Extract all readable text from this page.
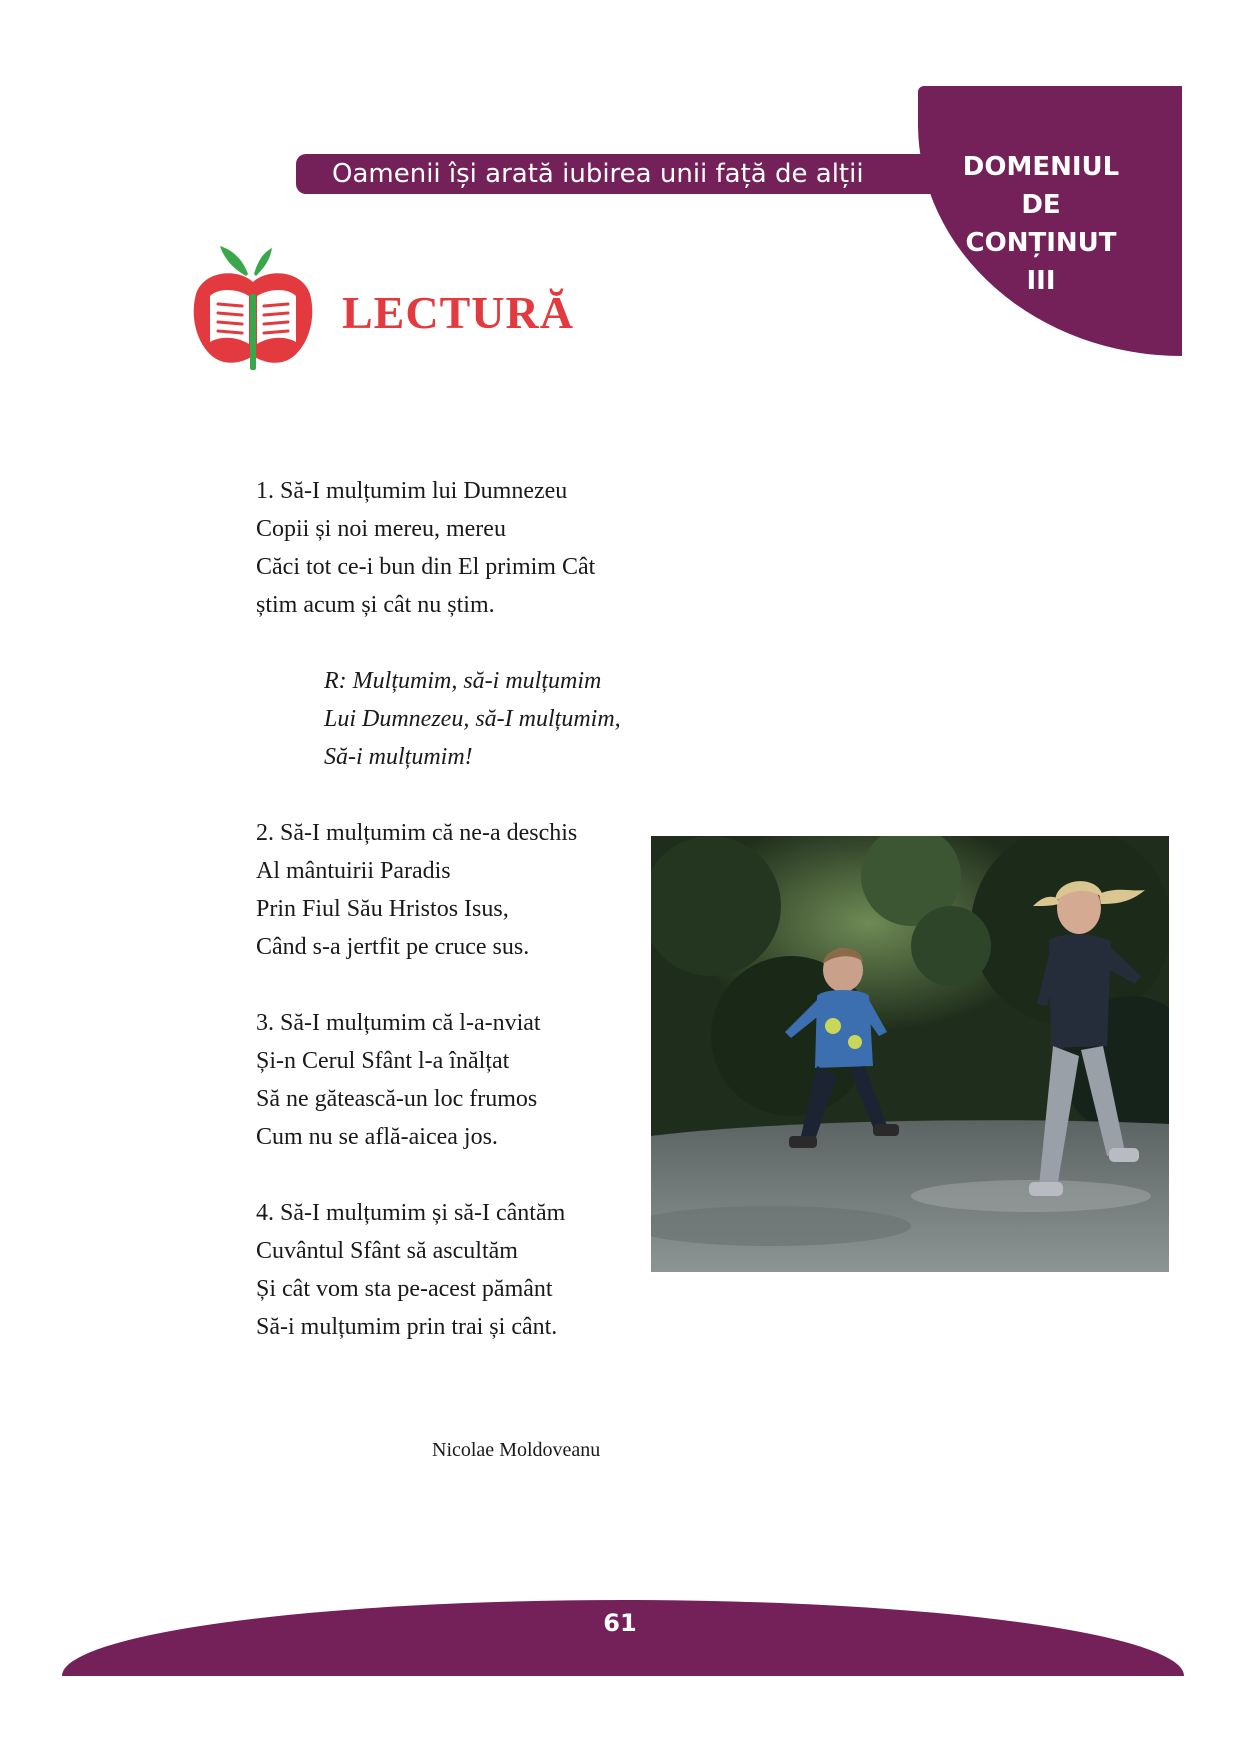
DOMENIUL
DE
CONȚINUT
III
Oamenii își arată iubirea unii față de alții
LECTURĂ
1. Să-I mulțumim lui Dumnezeu
Copii și noi mereu, mereu
Căci tot ce-i bun din El primim Cât
știm acum și cât nu știm.
R: Mulțumim, să-i mulțumim
Lui Dumnezeu, să-I mulțumim,
Să-i mulțumim!
2. Să-I mulțumim că ne-a deschis
Al mântuirii Paradis
Prin Fiul Său Hristos Isus,
Când s-a jertfit pe cruce sus.
3. Să-I mulțumim că l-a-nviat
Și-n Cerul Sfânt l-a înălțat
Să ne gătească-un loc frumos
Cum nu se află-aicea jos.
4. Să-I mulțumim și să-I cântăm
Cuvântul Sfânt să ascultăm
Și cât vom sta pe-acest pământ
Să-i mulțumim prin trai și cânt.
Nicolae Moldoveanu
61
